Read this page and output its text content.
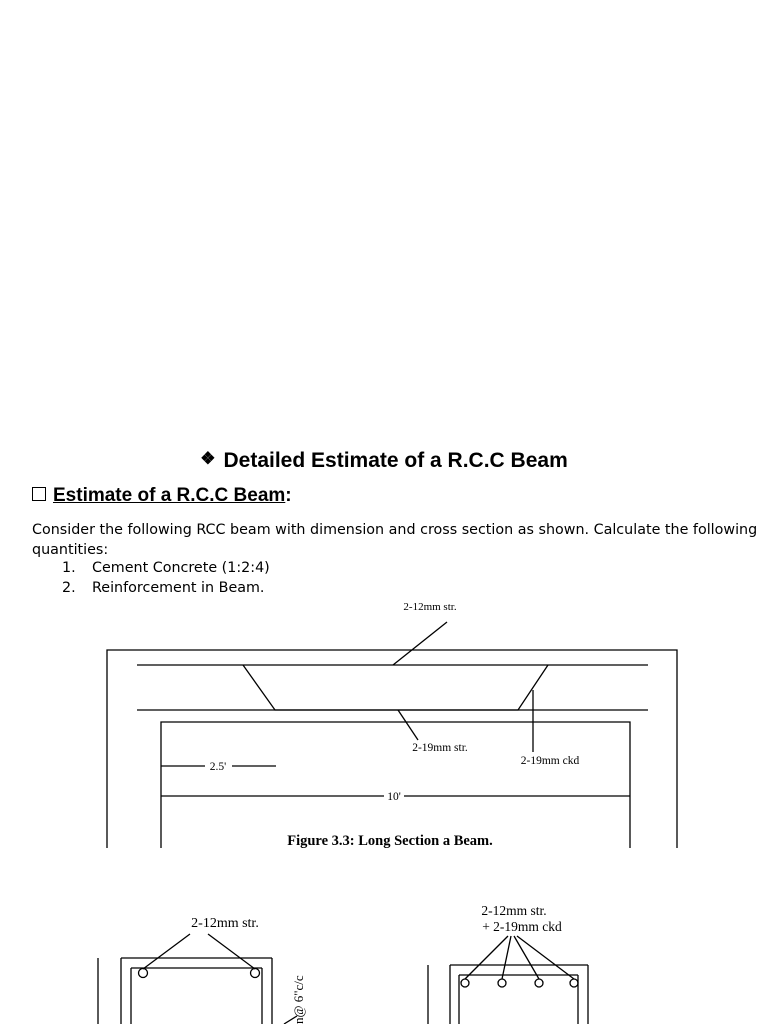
❖ Detailed Estimate of a R.C.C Beam
Estimate of a R.C.C Beam:
Consider the following RCC beam with dimension and cross section as shown. Calculate the following quantities:
1. Cement Concrete (1:2:4)
2. Reinforcement in Beam.
2-12mm str.
2-19mm str.
2-19mm ckd
2.5'
10'
Figure 3.3: Long Section a Beam.
2-12mm str.
n@ 6"c/c
2-12mm str.
+ 2-19mm ckd
